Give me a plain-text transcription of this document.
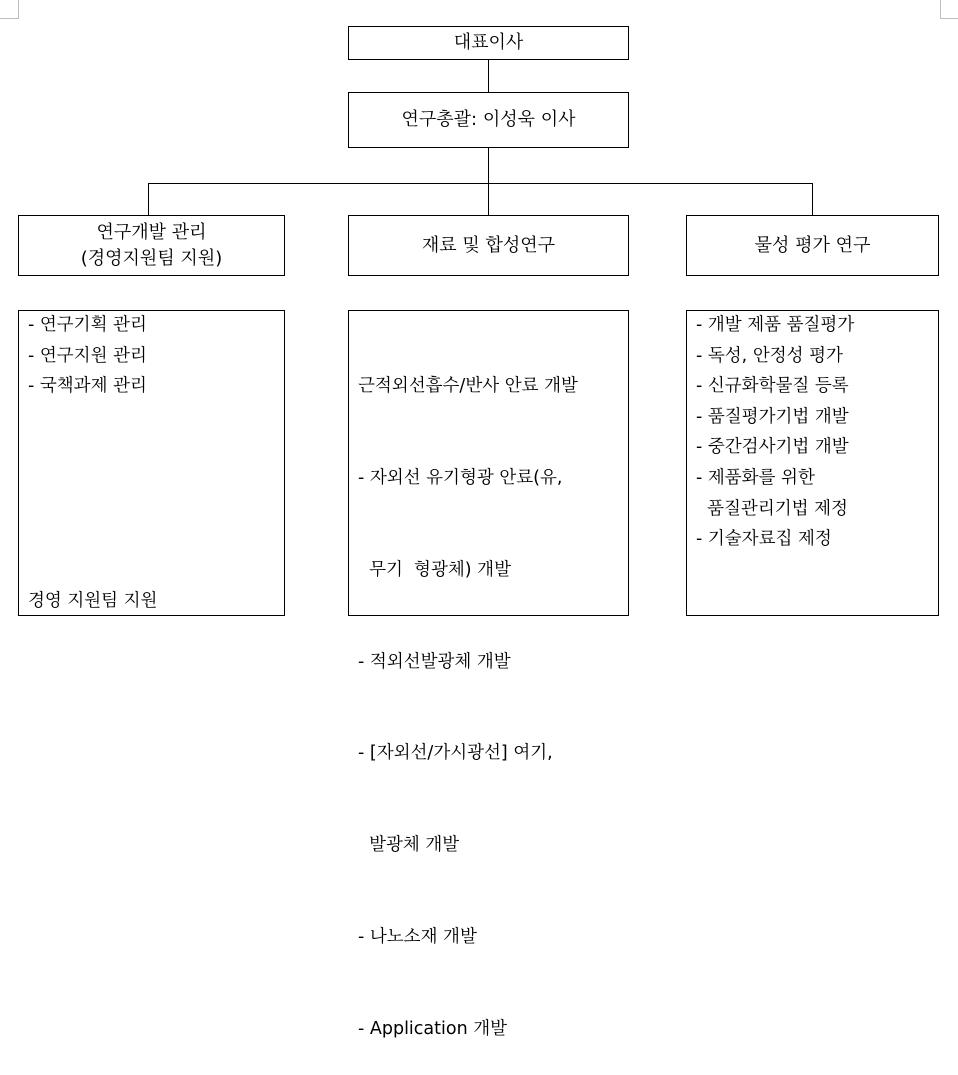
대표이사
연구총괄: 이성욱 이사
연구개발 관리
(경영지원팀 지원)
재료 및 합성연구	물성 평가 연구
- 연구기획 관리
- 연구지원 관리
- 국책과제 관리
경영 지원팀 지원

근적외선흡수/반사 안료 개발

- 자외선 유기형광 안료(유,

무기  형광체) 개발

- 적외선발광체 개발

- [자외선/가시광선] 여기,

발광체 개발

- 나노소재 개발

- Application 개발

- 개발 제품 품질평가
- 독성, 안정성 평가
- 신규화학물질 등록
- 품질평가기법 개발
- 중간검사기법 개발
- 제품화를 위한
품질관리기법 제정
- 기술자료집 제정
